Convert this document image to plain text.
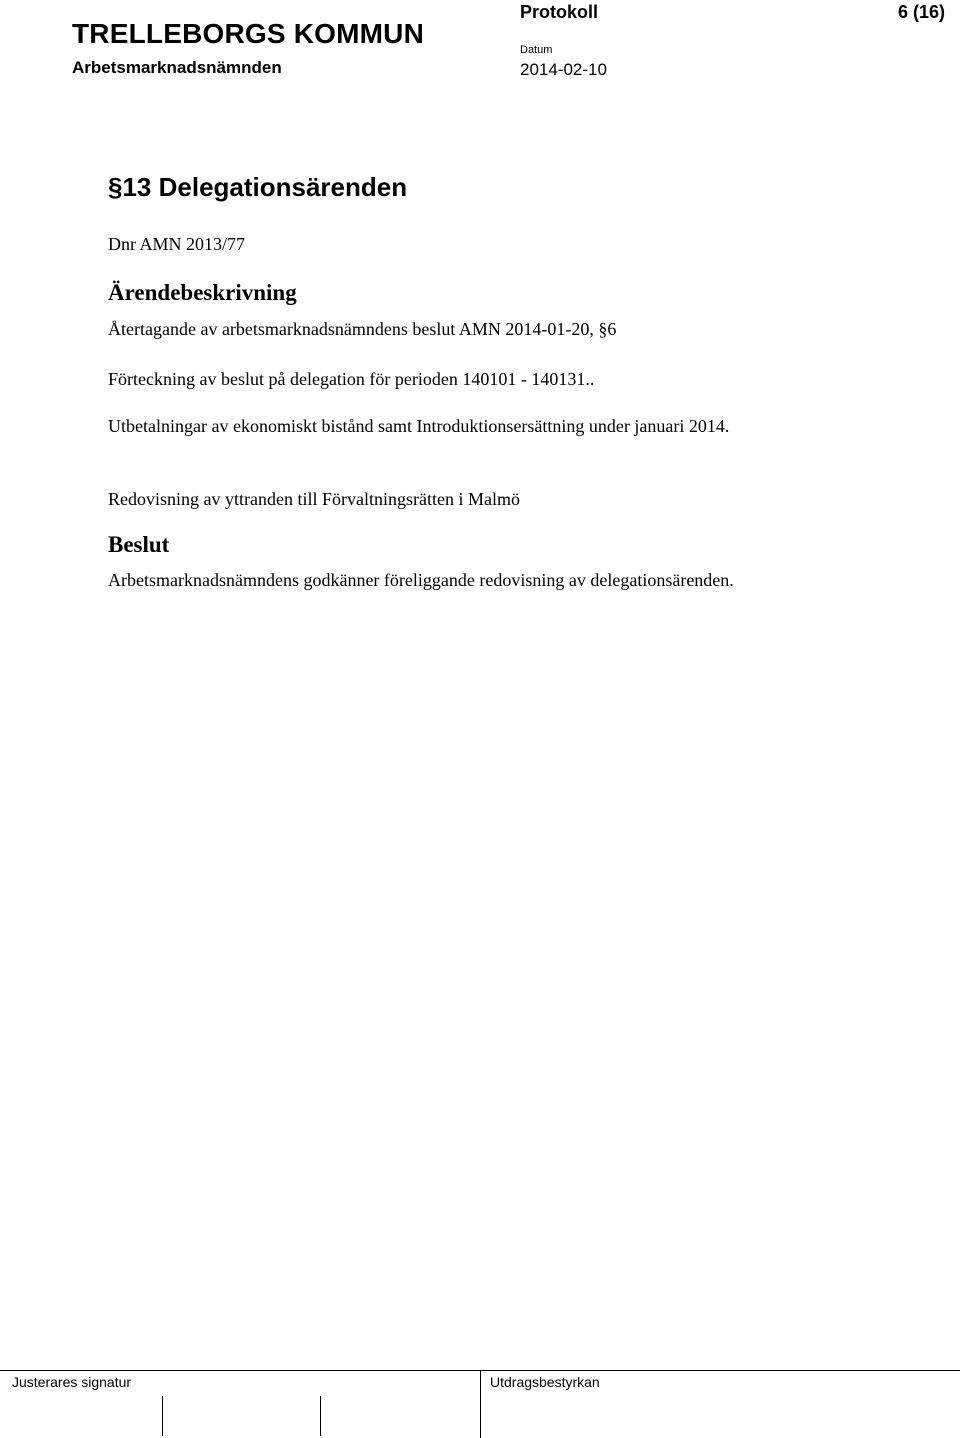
TRELLEBORGS KOMMUN
Arbetsmarknadsnämnden
Protokoll	6 (16)
Datum
2014-02-10
§13 Delegationsärenden
Dnr AMN 2013/77
Ärendebeskrivning
Återtagande av arbetsmarknadsnämndens beslut AMN 2014-01-20, §6
Förteckning av beslut på delegation för perioden 140101 - 140131..
Utbetalningar av ekonomiskt bistånd samt Introduktionsersättning under januari 2014.
Redovisning av yttranden till Förvaltningsrätten i Malmö
Beslut
Arbetsmarknadsnämndens godkänner föreliggande redovisning av delegationsärenden.
Justerares signatur	Utdragsbestyrkan
